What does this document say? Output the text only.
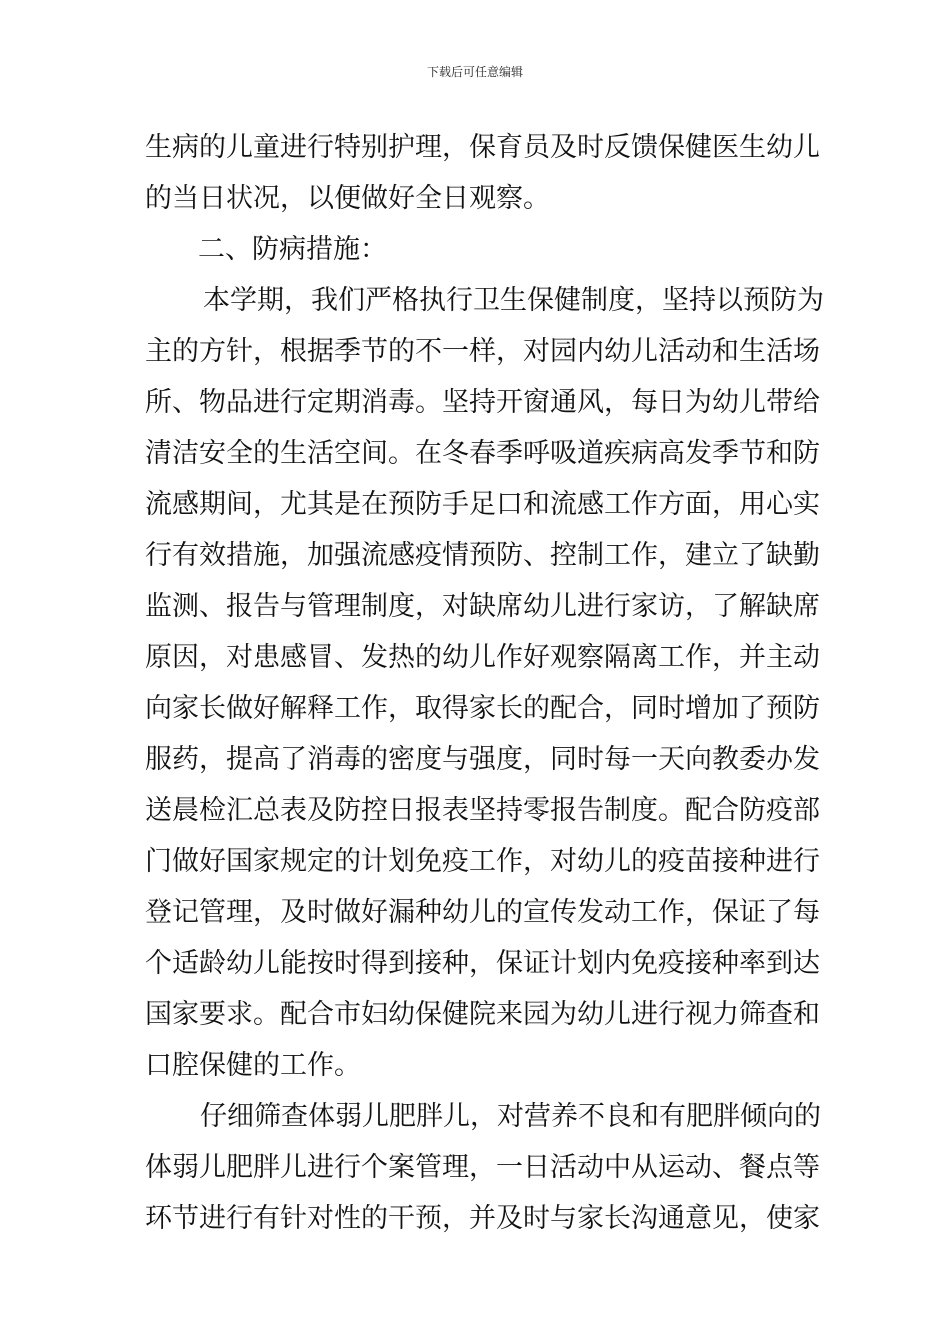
下载后可任意编辑
生病的儿童进行特别护理，保育员及时反馈保健医生幼儿
的当日状况，以便做好全日观察。
二、防病措施：
本学期，我们严格执行卫生保健制度，坚持以预防为
主的方针，根据季节的不一样，对园内幼儿活动和生活场
所、物品进行定期消毒。坚持开窗通风，每日为幼儿带给
清洁安全的生活空间。在冬春季呼吸道疾病高发季节和防
流感期间，尤其是在预防手足口和流感工作方面，用心实
行有效措施，加强流感疫情预防、控制工作，建立了缺勤
监测、报告与管理制度，对缺席幼儿进行家访，了解缺席
原因，对患感冒、发热的幼儿作好观察隔离工作，并主动
向家长做好解释工作，取得家长的配合，同时增加了预防
服药，提高了消毒的密度与强度，同时每一天向教委办发
送晨检汇总表及防控日报表坚持零报告制度。配合防疫部
门做好国家规定的计划免疫工作，对幼儿的疫苗接种进行
登记管理，及时做好漏种幼儿的宣传发动工作，保证了每
个适龄幼儿能按时得到接种，保证计划内免疫接种率到达
国家要求。配合市妇幼保健院来园为幼儿进行视力筛查和
口腔保健的工作。
仔细筛查体弱儿肥胖儿，对营养不良和有肥胖倾向的
体弱儿肥胖儿进行个案管理，一日活动中从运动、餐点等
环节进行有针对性的干预，并及时与家长沟通意见，使家
